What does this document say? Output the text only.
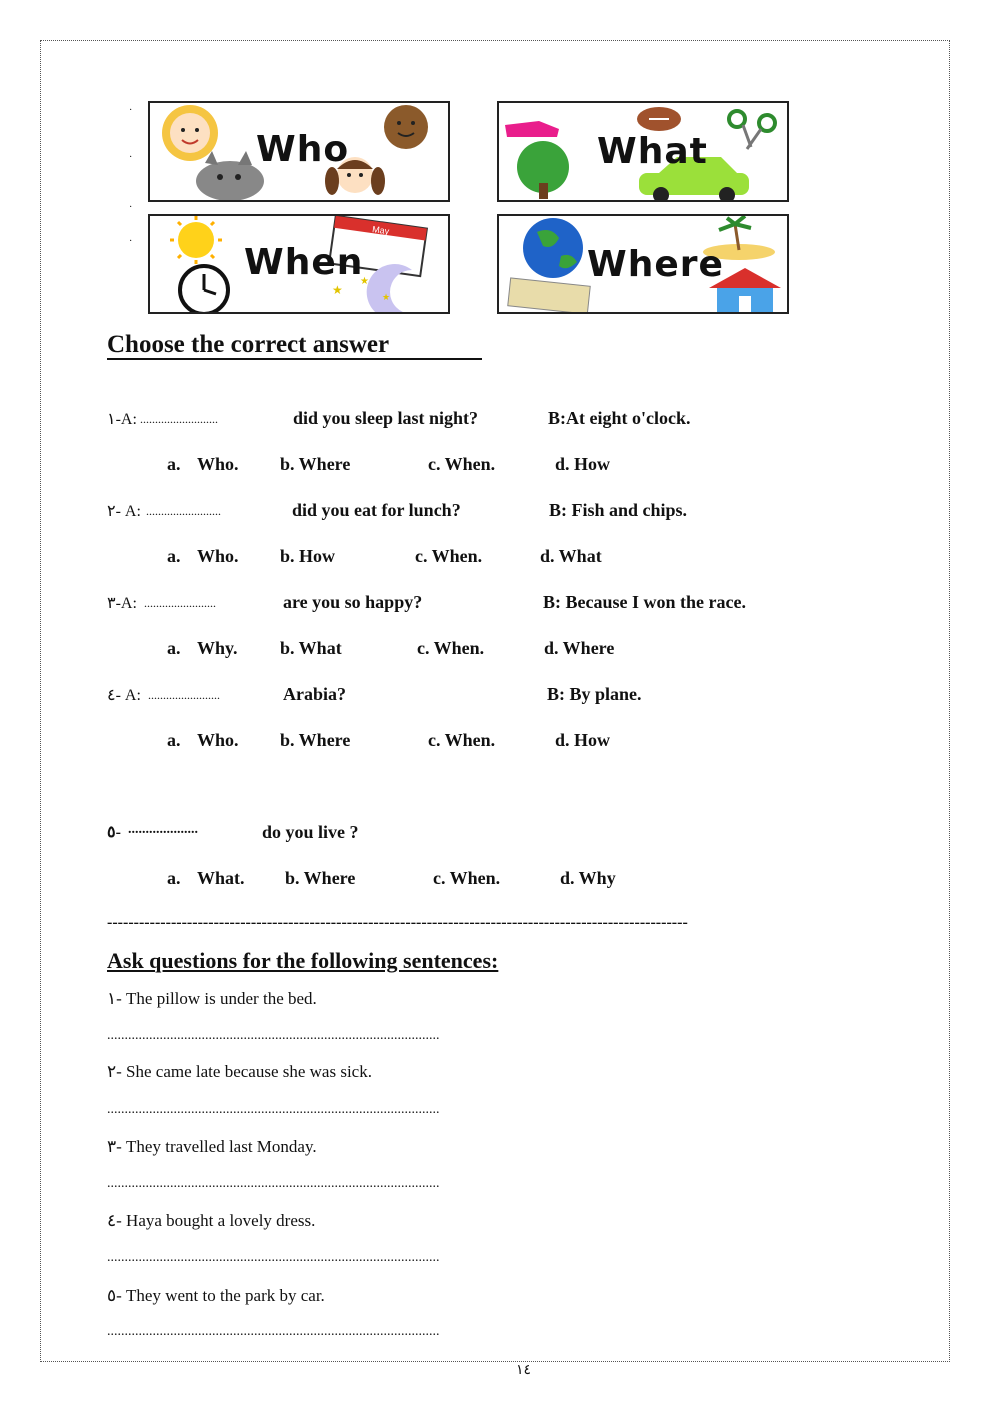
·
·
·
·
Who	What
May
★
★
★
When	Where
Choose the correct answer
١-A: ..........................	did you sleep last night?	B:At eight o'clock.
a. Who. b. Where	c. When.	d. How
٢- A: .........................	did you eat for lunch?	B: Fish and chips.
a. Who. b. How	c. When.	d. What
٣-A: ........................	are you so happy?	B: Because I won the race.
a. Why. b. What	c. When.	d. Where
٤- A: ........................	Arabia?	B: By plane.
a. Who. b. Where	c. When.	d. How
٥- ....................	do you live ?
a. What. b. Where	c. When.	d. Why
-------------------------------------------------------------------------------------------------------------
Ask questions for the following sentences:
١- The pillow is under the bed.
...............................................................................................
٢- She came late because she was sick.
...............................................................................................
٣- They travelled last Monday.
...............................................................................................
٤- Haya bought a lovely dress.
...............................................................................................
٥- They went to the park by car.
...............................................................................................
١٤
